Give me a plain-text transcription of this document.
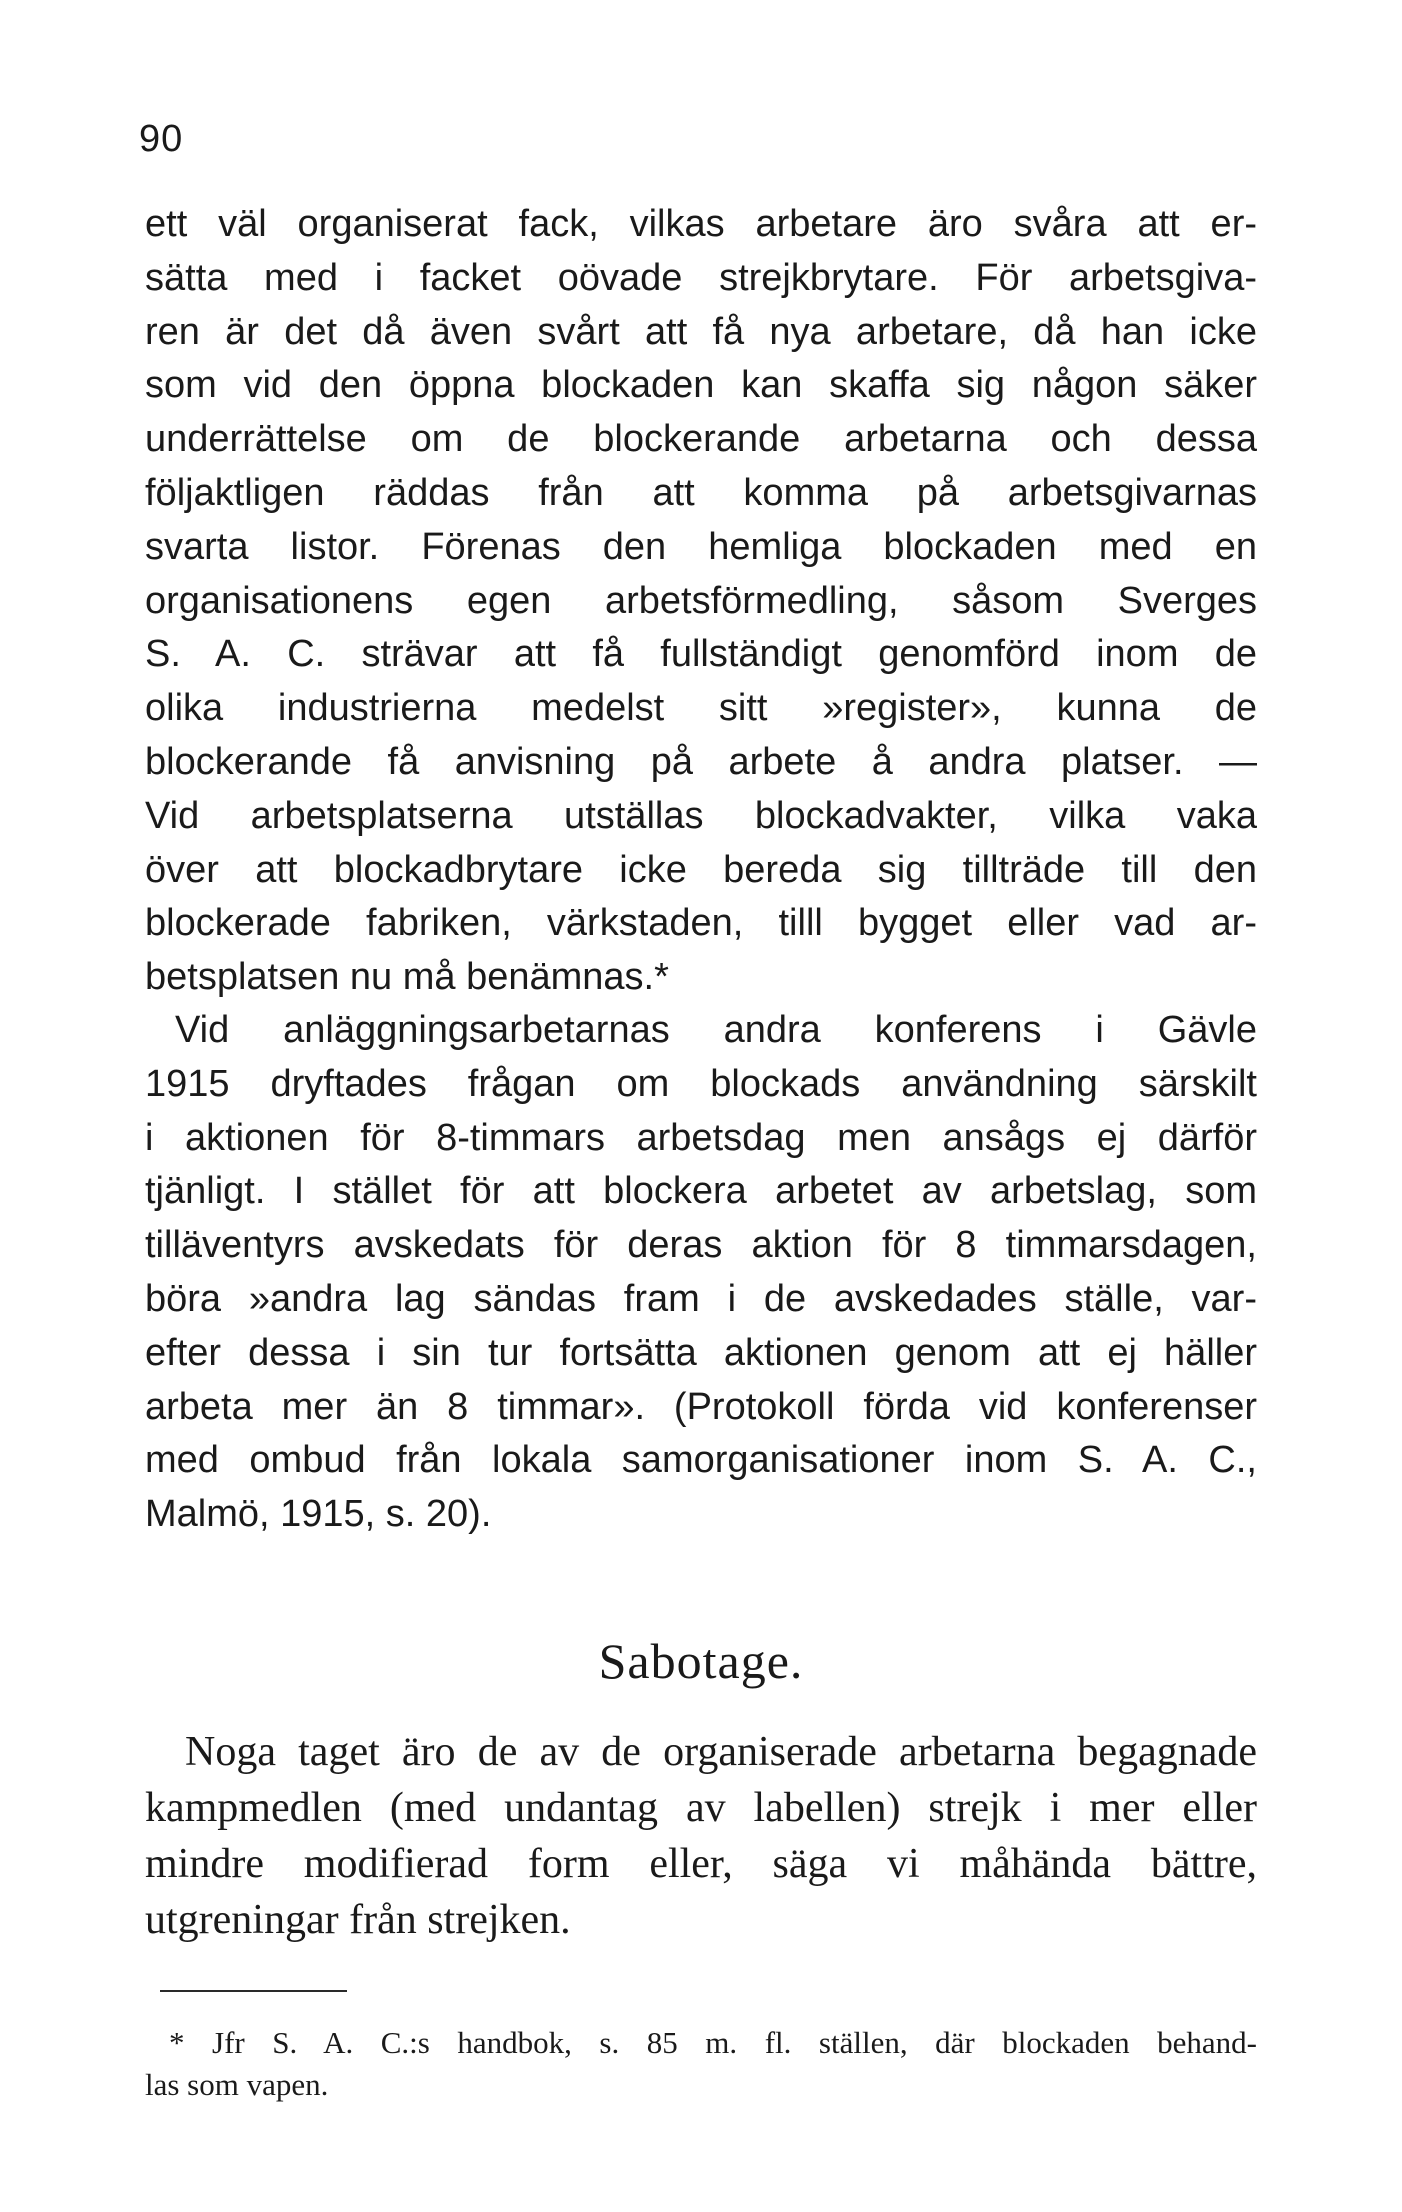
90
ett väl organiserat fack, vilkas arbetare äro svåra att er-
sätta med i facket oövade strejkbrytare. För arbetsgiva-
ren är det då även svårt att få nya arbetare, då han icke
som vid den öppna blockaden kan skaffa sig någon säker
underrättelse om de blockerande arbetarna och dessa
följaktligen räddas från att komma på arbetsgivarnas
svarta listor. Förenas den hemliga blockaden med en
organisationens egen arbetsförmedling, såsom Sverges
S. A. C. strävar att få fullständigt genomförd inom de
olika industrierna medelst sitt »register», kunna de
blockerande få anvisning på arbete å andra platser. —
Vid arbetsplatserna utställas blockadvakter, vilka vaka
över att blockadbrytare icke bereda sig tillträde till den
blockerade fabriken, värkstaden, tilll bygget eller vad ar-
betsplatsen nu må benämnas.*
Vid anläggningsarbetarnas andra konferens i Gävle
1915 dryftades frågan om blockads användning särskilt
i aktionen för 8-timmars arbetsdag men ansågs ej därför
tjänligt. I stället för att blockera arbetet av arbetslag, som
tilläventyrs avskedats för deras aktion för 8 timmarsdagen,
böra »andra lag sändas fram i de avskedades ställe, var-
efter dessa i sin tur fortsätta aktionen genom att ej häller
arbeta mer än 8 timmar». (Protokoll förda vid konferenser
med ombud från lokala samorganisationer inom S. A. C.,
Malmö, 1915, s. 20).
Sabotage.
Noga taget äro de av de organiserade arbetarna begagnade
kampmedlen (med undantag av labellen) strejk i mer eller
mindre modifierad form eller, säga vi måhända bättre,
utgreningar från strejken.
* Jfr S. A. C.:s handbok, s. 85 m. fl. ställen, där blockaden behand-
las som vapen.
